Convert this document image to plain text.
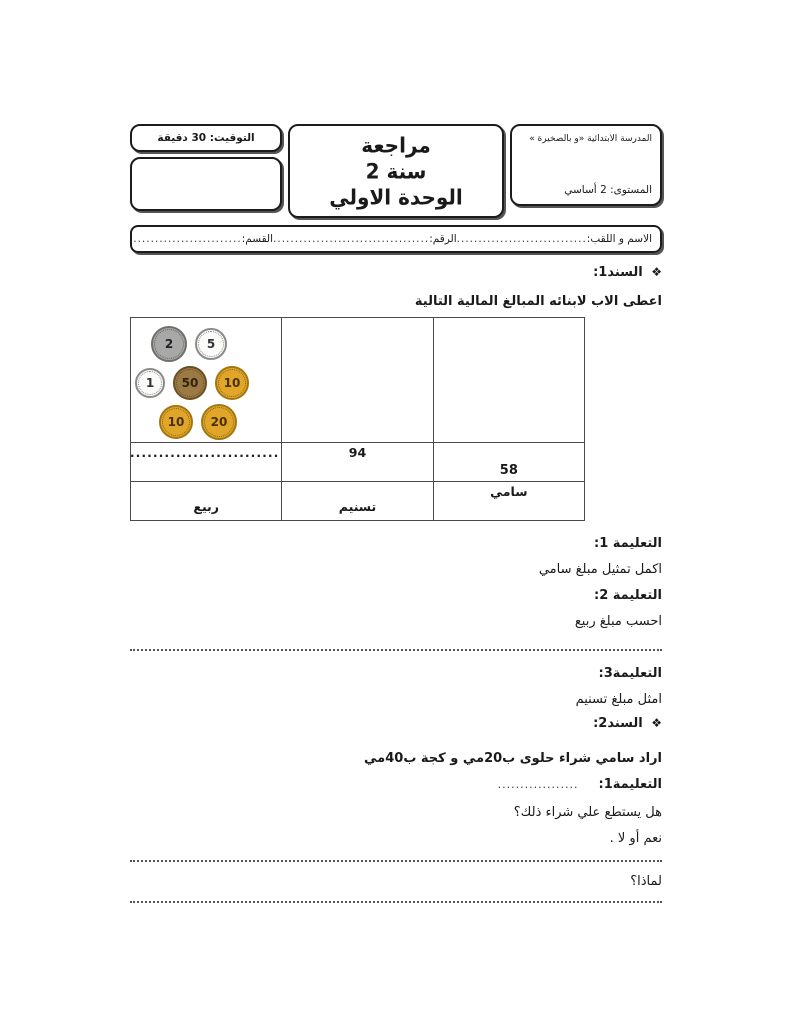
التوقيت: 30 دقيقة	مراجعة
سنة 2
الوحدة الاولي
المدرسة الابتدائية «و بالصخيرة »
المستوى: 2 أساسي
الاسم و اللقب:
..............................
الرقم:
....................................
القسم:
.........................
❖ السند1:
اعطى الاب لابنائه المبالغ المالية التالية

2	5
1	50	10
10	20

58	94	..........................
سامي	تسنيم	ربيع
التعليمة 1:
اكمل تمثيل مبلغ سامي
التعليمة 2:
احسب مبلغ ربيع
التعليمة3:
امثل مبلغ تسنيم
❖ السند2:
اراد سامي شراء حلوى ب20مي و كجة ب40مي
التعليمة1:
..................
هل يستطع علي شراء ذلك؟
نعم أو لا .
لماذا؟
